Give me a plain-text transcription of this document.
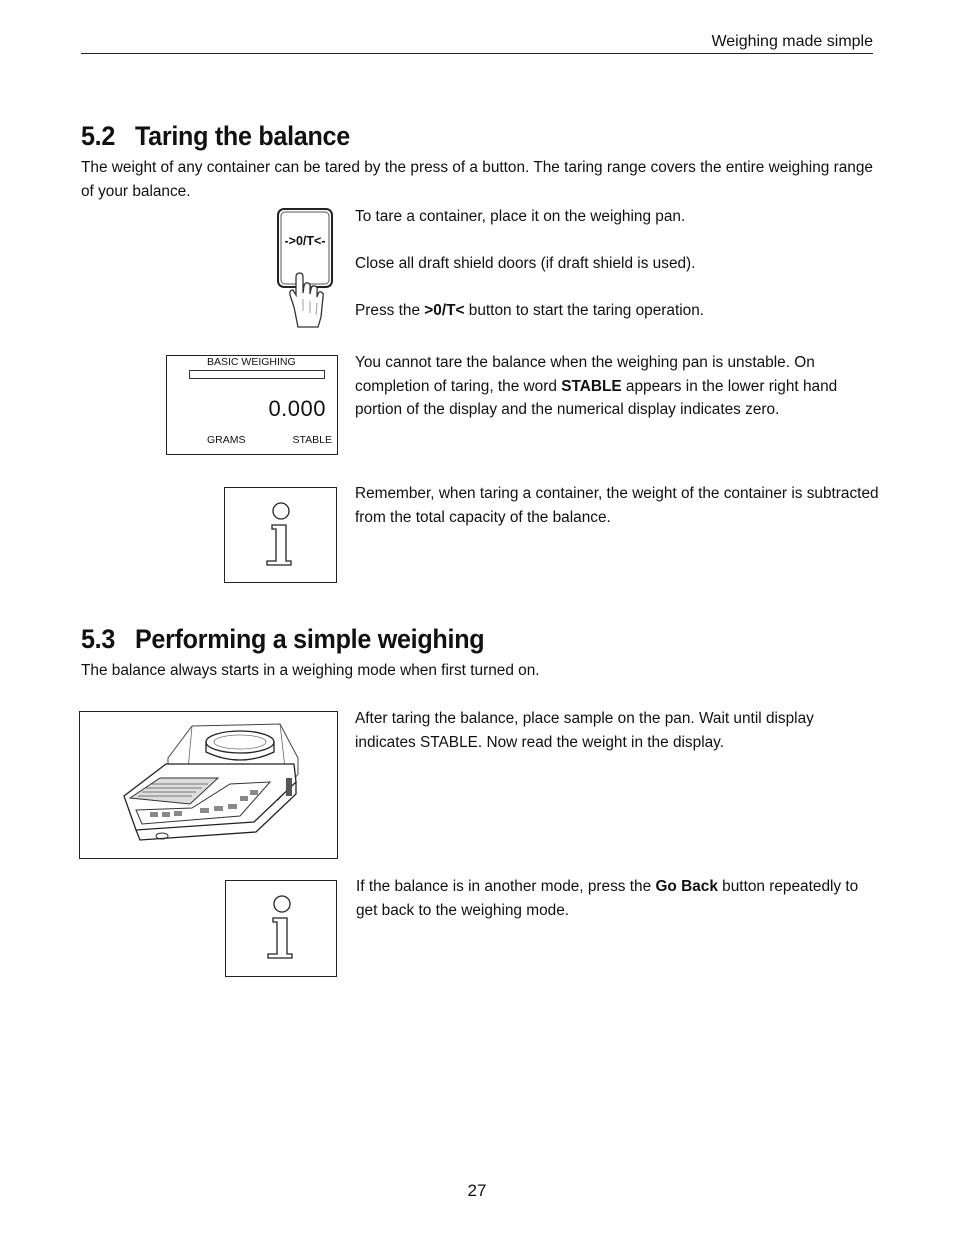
Weighing made simple
5.2 Taring the balance
The weight of any container can be tared by the press of a button. The taring range covers the entire weighing range of your balance.
->0/T<-
To tare a container, place it on the weighing pan.
Close all draft shield doors (if draft shield is used).
Press the >0/T< button to start the taring operation.
BASIC WEIGHING
0.000
GRAMS	STABLE
You cannot tare the balance when the weighing pan is unstable. On completion of taring, the word STABLE appears in the lower right hand portion of the display and the numerical display indicates zero.
Remember, when taring a container, the weight of the container is subtracted from the total capacity of the balance.
5.3 Performing a simple weighing
The balance always starts in a weighing mode when first turned on.
After taring the balance, place sample on the pan. Wait until display indicates STABLE. Now read the weight in the display.
If the balance is in another mode, press the Go Back button repeatedly to get back to the weighing mode.
27
